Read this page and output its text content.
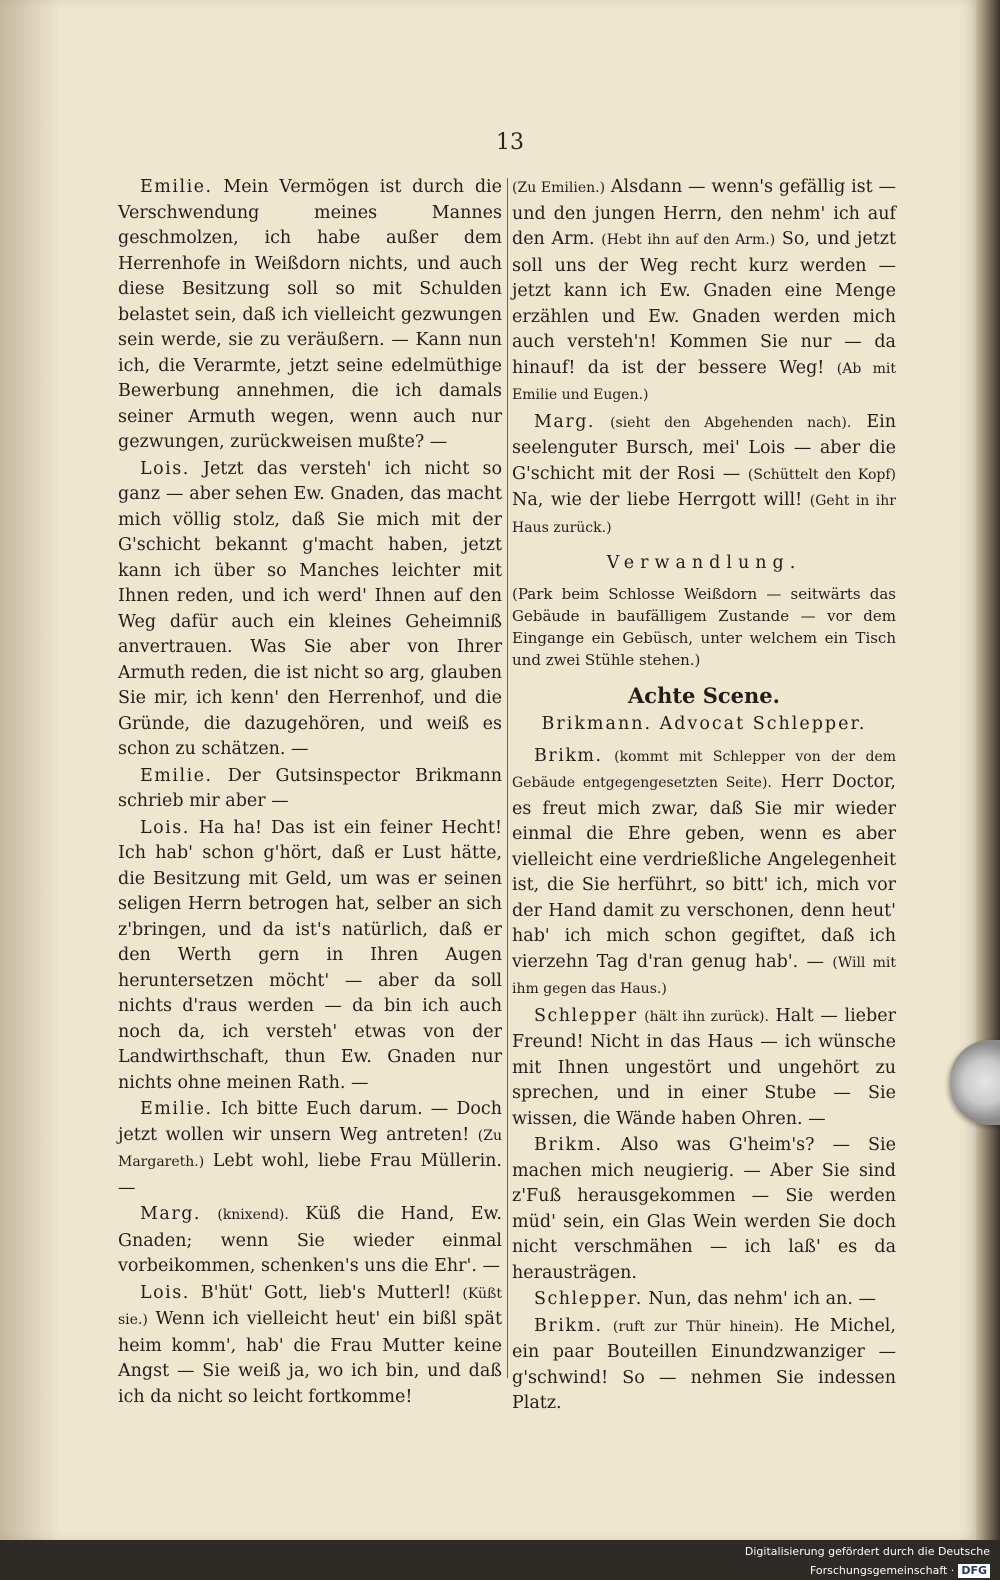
13

Emilie. Mein Vermögen ist durch die Verschwendung meines Mannes geschmolzen, ich habe außer dem Herrenhofe in Weißdorn nichts, und auch diese Besitzung soll so mit Schulden belastet sein, daß ich vielleicht gezwungen sein werde, sie zu veräußern. — Kann nun ich, die Verarmte, jetzt seine edelmüthige Bewerbung annehmen, die ich damals seiner Armuth wegen, wenn auch nur gezwungen, zurückweisen mußte? —

Lois. Jetzt das versteh' ich nicht so ganz — aber sehen Ew. Gnaden, das macht mich völlig stolz, daß Sie mich mit der G'schicht bekannt g'macht haben, jetzt kann ich über so Manches leichter mit Ihnen reden, und ich werd' Ihnen auf den Weg dafür auch ein kleines Geheimniß anvertrauen. Was Sie aber von Ihrer Armuth reden, die ist nicht so arg, glauben Sie mir, ich kenn' den Herrenhof, und die Gründe, die dazugehören, und weiß es schon zu schätzen. —

Emilie. Der Gutsinspector Brikmann schrieb mir aber —

Lois. Ha ha! Das ist ein feiner Hecht! Ich hab' schon g'hört, daß er Lust hätte, die Besitzung mit Geld, um was er seinen seligen Herrn betrogen hat, selber an sich z'bringen, und da ist's natürlich, daß er den Werth gern in Ihren Augen heruntersetzen möcht' — aber da soll nichts d'raus werden — da bin ich auch noch da, ich versteh' etwas von der Landwirthschaft, thun Ew. Gnaden nur nichts ohne meinen Rath. —

Emilie. Ich bitte Euch darum. — Doch jetzt wollen wir unsern Weg antreten! (Zu Margareth.) Lebt wohl, liebe Frau Müllerin. —

Marg. (knixend). Küß die Hand, Ew. Gnaden; wenn Sie wieder einmal vorbeikommen, schenken's uns die Ehr'. —

Lois. B'hüt' Gott, lieb's Mutterl! (Küßt sie.) Wenn ich vielleicht heut' ein bißl spät heim komm', hab' die Frau Mutter keine Angst — Sie weiß ja, wo ich bin, und daß ich da nicht so leicht fortkomme!

(Zu Emilien.) Alsdann — wenn's gefällig ist — und den jungen Herrn, den nehm' ich auf den Arm. (Hebt ihn auf den Arm.) So, und jetzt soll uns der Weg recht kurz werden — jetzt kann ich Ew. Gnaden eine Menge erzählen und Ew. Gnaden werden mich auch versteh'n! Kommen Sie nur — da hinauf! da ist der bessere Weg! (Ab mit Emilie und Eugen.)

Marg. (sieht den Abgehenden nach). Ein seelenguter Bursch, mei' Lois — aber die G'schicht mit der Rosi — (Schüttelt den Kopf) Na, wie der liebe Herrgott will! (Geht in ihr Haus zurück.)

Verwandlung.

(Park beim Schlosse Weißdorn — seitwärts das Gebäude in baufälligem Zustande — vor dem Eingange ein Gebüsch, unter welchem ein Tisch und zwei Stühle stehen.)

Achte Scene.

Brikmann. Advocat Schlepper.

Brikm. (kommt mit Schlepper von der dem Gebäude entgegengesetzten Seite). Herr Doctor, es freut mich zwar, daß Sie mir wieder einmal die Ehre geben, wenn es aber vielleicht eine verdrießliche Angelegenheit ist, die Sie herführt, so bitt' ich, mich vor der Hand damit zu verschonen, denn heut' hab' ich mich schon gegiftet, daß ich vierzehn Tag d'ran genug hab'. — (Will mit ihm gegen das Haus.)

Schlepper (hält ihn zurück). Halt — lieber Freund! Nicht in das Haus — ich wünsche mit Ihnen ungestört und ungehört zu sprechen, und in einer Stube — Sie wissen, die Wände haben Ohren. —

Brikm. Also was G'heim's? — Sie machen mich neugierig. — Aber Sie sind z'Fuß herausgekommen — Sie werden müd' sein, ein Glas Wein werden Sie doch nicht verschmähen — ich laß' es da herausträgen.

Schlepper. Nun, das nehm' ich an. —

Brikm. (ruft zur Thür hinein). He Michel, ein paar Bouteillen Einundzwanziger — g'schwind! So — nehmen Sie indessen Platz.

Digitalisierung gefördert durch die Deutsche Forschungsgemeinschaft · DFG
